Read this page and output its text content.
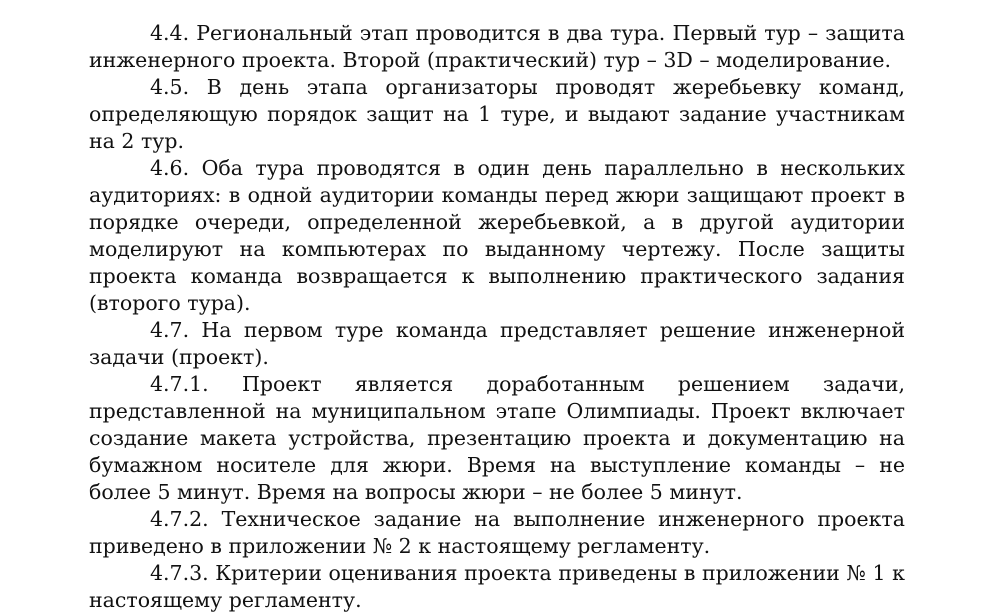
4.4. Региональный этап проводится в два тура. Первый тур – защита инженерного проекта. Второй (практический) тур – 3D – моделирование.

4.5. В день этапа организаторы проводят жеребьевку команд, определяющую порядок защит на 1 туре, и выдают задание участникам на 2 тур.

4.6. Оба тура проводятся в один день параллельно в нескольких аудиториях: в одной аудитории команды перед жюри защищают проект в порядке очереди, определенной жеребьевкой, а в другой аудитории моделируют на компьютерах по выданному чертежу. После защиты проекта команда возвращается к выполнению практического задания (второго тура).

4.7. На первом туре команда представляет решение инженерной задачи (проект).

4.7.1. Проект является доработанным решением задачи, представленной на муниципальном этапе Олимпиады. Проект включает создание макета устройства, презентацию проекта и документацию на бумажном носителе для жюри. Время на выступление команды – не более 5 минут. Время на вопросы жюри – не более 5 минут.

4.7.2. Техническое задание на выполнение инженерного проекта приведено в приложении № 2 к настоящему регламенту.

4.7.3. Критерии оценивания проекта приведены в приложении № 1 к настоящему регламенту.
